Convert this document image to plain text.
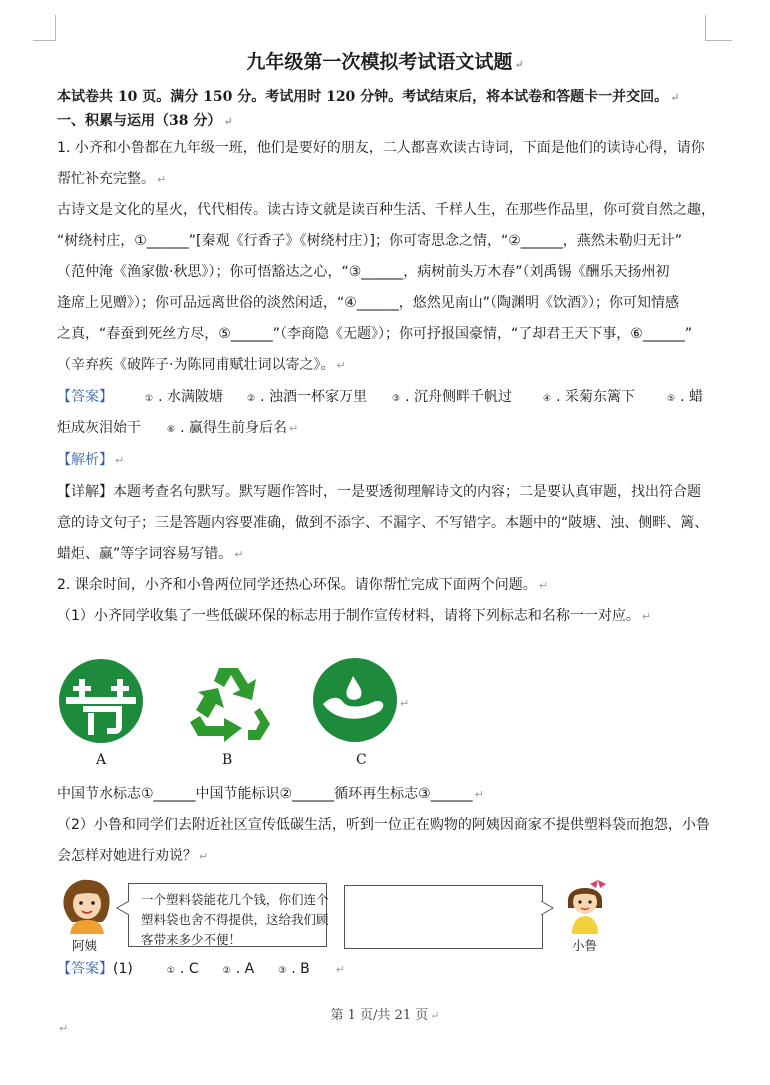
九年级第一次模拟考试语文试题 ↵
本试卷共 10 页。满分 150 分。考试用时 120 分钟。考试结束后，将本试卷和答题卡一并交回。 ↵
一、积累与运用（38 分） ↵
1. 小齐和小鲁都在九年级一班，他们是要好的朋友，二人都喜欢读古诗词，下面是他们的读诗心得，请你
帮忙补充完整。 ↵
古诗文是文化的星火，代代相传。读古诗文就是读百种生活、千样人生，在那些作品里，你可赏自然之趣，
“树绕村庄，①______”[秦观《行香子》《树绕村庄）]；你可寄思念之情，“②______，燕然未勒归无计”
（范仲淹《渔家傲·秋思》）；你可悟豁达之心，“③______，病树前头万木春”（刘禹锡《酬乐天扬州初
逢席上见赠》）；你可品远离世俗的淡然闲适，“④______，悠然见南山”（陶渊明《饮酒》）；你可知情感
之真，“春蚕到死丝方尽，⑤______”（李商隐《无题》）；你可抒报国豪情，“了却君王天下事，⑥______”
（辛弃疾《破阵子·为陈同甫赋壮词以寄之》。 ↵
【答案】	① . 水满陂塘	② . 浊酒一杯家万里	③ . 沉舟侧畔千帆过	④ . 采菊东篱下	⑤ . 蜡
炬成灰泪始干	⑥ . 赢得生前身后名 ↵
【解析】 ↵
【详解】本题考查名句默写。默写题作答时，一是要透彻理解诗文的内容；二是要认真审题，找出符合题
意的诗文句子；三是答题内容要准确，做到不添字、不漏字、不写错字。本题中的“陂塘、浊、侧畔、篱、
蜡炬、赢”等字词容易写错。 ↵
2. 课余时间，小齐和小鲁两位同学还热心环保。请你帮忙完成下面两个问题。 ↵
（1）小齐同学收集了一些低碳环保的标志用于制作宣传材料，请将下列标志和名称一一对应。 ↵
A	B	C
↵
中国节水标志①______中国节能标识②______循环再生标志③______ ↵
（2）小鲁和同学们去附近社区宣传低碳生活，听到一位正在购物的阿姨因商家不提供塑料袋而抱怨，小鲁
会怎样对她进行劝说？ ↵
阿姨
一个塑料袋能花几个钱，你们连个塑料袋也舍不得提供，这给我们顾客带来多少不便！	小鲁
【答案】(1)	① . C	② . A	③ . B ↵
第 1 页/共 21 页 ↵
↵
